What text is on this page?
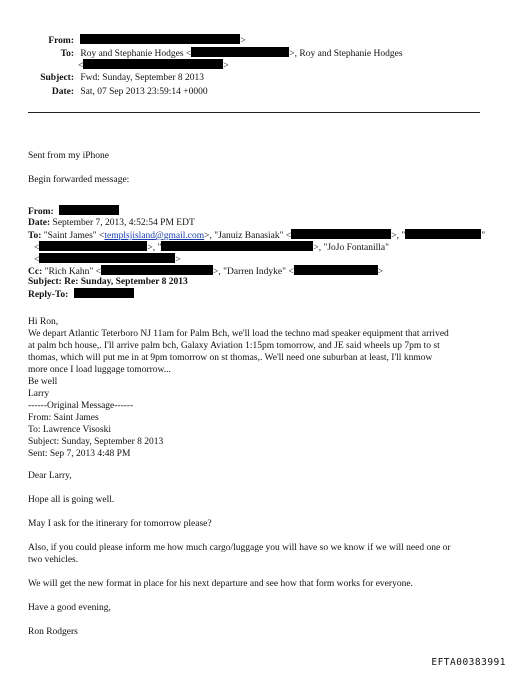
From:	>
To: Roy and Stephanie Hodges <	>, Roy and Stephanie Hodges
<	>
Subject: Fwd: Sunday, September 8 2013
Date: Sat, 07 Sep 2013 23:59:14 +0000
Sent from my iPhone
Begin forwarded message:
From:
Date: September 7, 2013, 4:52:54 PM EDT
To: "Saint James" <templsjisland@gmail.com>, "Januiz Banasiak" <	>, "	"
<	>, "	>, "JoJo Fontanilla"
<	>
Cc: "Rich Kahn" <	>, "Darren Indyke" <	>
Subject: Re: Sunday, September 8 2013
Reply-To:
Hi Ron,
We depart Atlantic Teterboro NJ 11am for Palm Bch, we'll load the techno mad speaker equipment that arrived
at palm bch house,. I'll arrive palm bch, Galaxy Aviation 1:15pm tomorrow, and JE said wheels up 7pm to st
thomas, which will put me in at 9pm tomorrow on st thomas,. We'll need one suburban at least, I'll knmow
more once I load luggage tomorrow...
Be well
Larry
------Original Message------
From: Saint James
To: Lawrence Visoski
Subject: Sunday, September 8 2013
Sent: Sep 7, 2013 4:48 PM
Dear Larry,
Hope all is going well.
May I ask for the itinerary for tomorrow please?
Also, if you could please inform me how much cargo/luggage you will have so we know if we will need one or
two vehicles.
We will get the new format in place for his next departure and see how that form works for everyone.
Have a good evening,
Ron Rodgers
EFTA00383991
